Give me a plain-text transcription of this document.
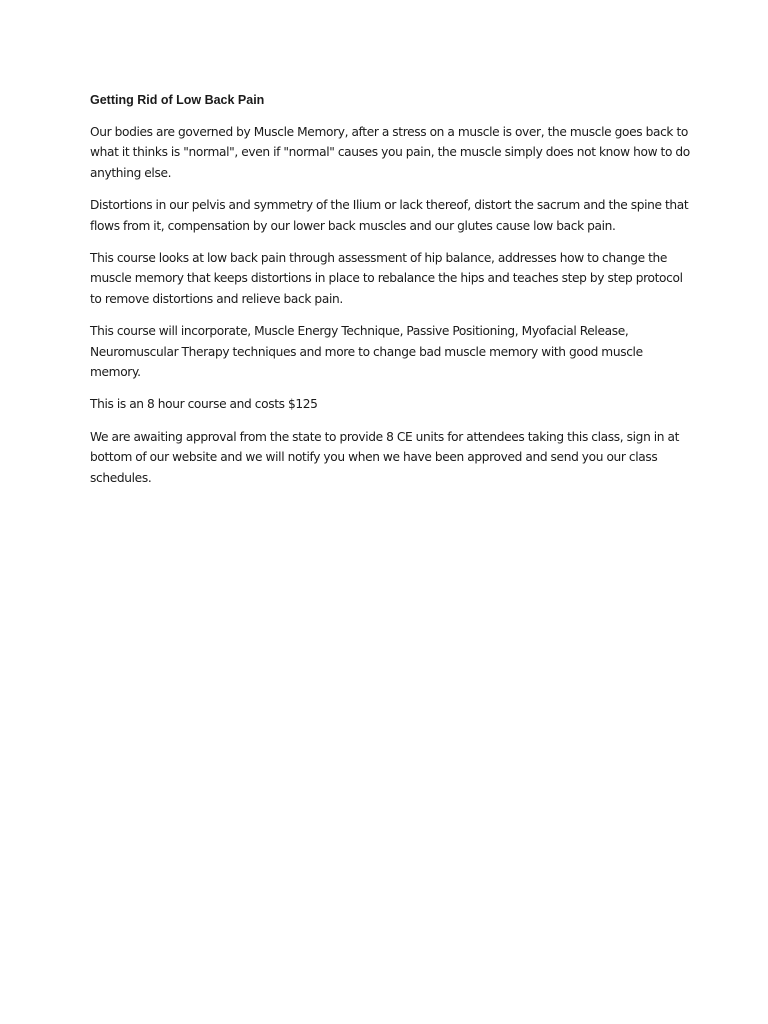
Getting Rid of Low Back Pain

Our bodies are governed by Muscle Memory, after a stress on a muscle is over, the muscle goes back to what it thinks is "normal", even if "normal" causes you pain, the muscle simply does not know how to do anything else.

Distortions in our pelvis and symmetry of the Ilium or lack thereof, distort the sacrum and the spine that flows from it, compensation by our lower back muscles and our glutes cause low back pain.

This course looks at low back pain through assessment of hip balance, addresses how to change the muscle memory that keeps distortions in place to rebalance the hips and teaches step by step protocol to remove distortions and relieve back pain.

This course will incorporate, Muscle Energy Technique, Passive Positioning, Myofacial Release, Neuromuscular Therapy techniques and more to change bad muscle memory with good muscle memory.

This is an 8 hour course and costs $125

We are awaiting approval from the state to provide 8 CE units for attendees taking this class, sign in at bottom of our website and we will notify you when we have been approved and send you our class schedules.
